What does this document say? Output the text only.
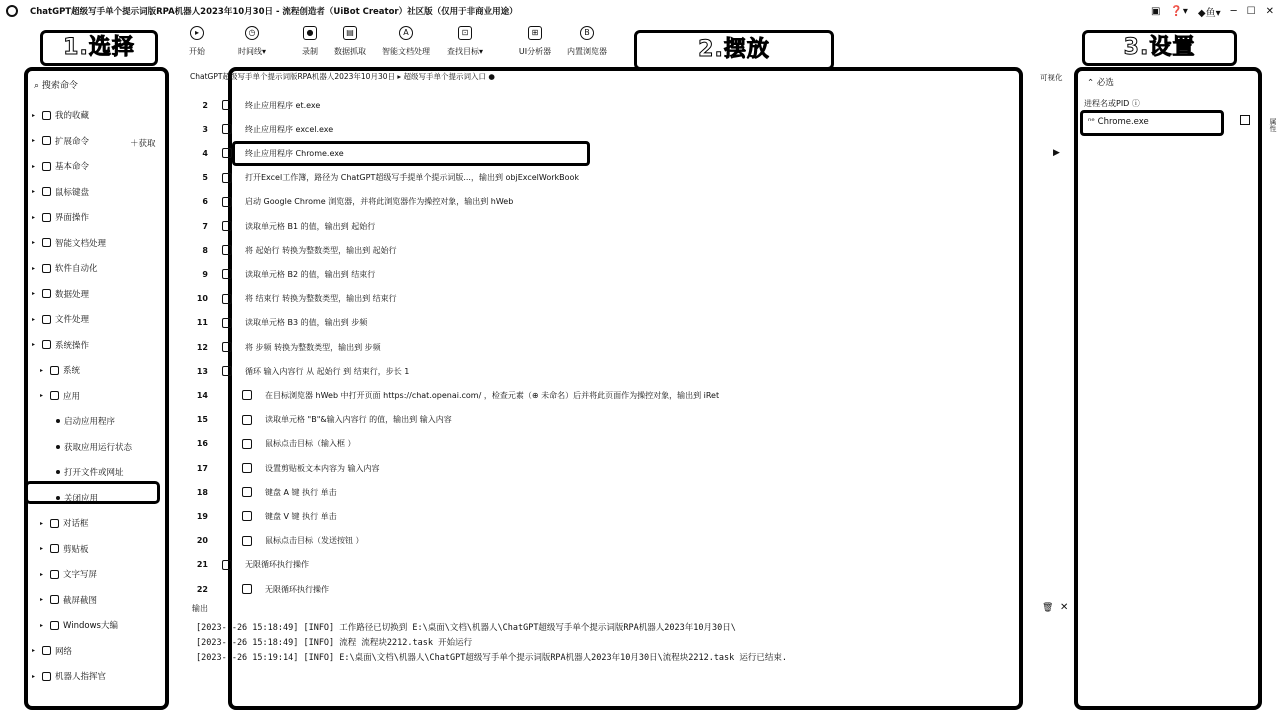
ChatGPT超级写手单个提示词版RPA机器人2023年10月30日 - 流程创造者（UiBot Creator）社区版（仅用于非商业用途）	▣ ❓▾ ◆鱼▾ ─ ☐ ✕
▸
开始
◷
时间线▾
●
录制
▤
数据抓取
A
智能文档处理
⊡
查找目标▾
⊞
UI分析器
B
内置浏览器
1.选择	2.摆放	3.设置
⌕ 搜索命令
＋ 获取
▸	我的收藏
▸	扩展命令
▸	基本命令
▸	鼠标键盘
▸	界面操作
▸	智能文档处理
▸	软件自动化
▸	数据处理
▸	文件处理
▸	系统操作
▸	系统
▸	应用
启动应用程序
获取应用运行状态
打开文件或网址
关闭应用
▸	对话框
▸	剪贴板
▸	文字写屏
▸	截屏截图
▸	Windows大编
▸	网络
▸	机器人指挥官
ChatGPT超级写手单个提示词版RPA机器人2023年10月30日 ▸ 超级写手单个提示词入口 ●	可视化
2	终止应用程序 et.exe
3	终止应用程序 excel.exe
4	终止应用程序 Chrome.exe
5	打开Excel工作簿，路径为 ChatGPT超级写手提单个提示词版...，输出到 objExcelWorkBook
6	启动 Google Chrome 浏览器，并将此浏览器作为操控对象，输出到 hWeb
7	读取单元格 B1 的值，输出到 起始行
8	将 起始行 转换为整数类型，输出到 起始行
9	读取单元格 B2 的值，输出到 结束行
10	将 结束行 转换为整数类型，输出到 结束行
11	读取单元格 B3 的值，输出到 步频
12	将 步频 转换为整数类型，输出到 步频
13	循环 输入内容行 从 起始行 到 结束行，步长 1
14	在目标浏览器 hWeb 中打开页面 https://chat.openai.com/ ，检查元素（⊕ 未命名）后并将此页面作为操控对象，输出到 iRet
15	读取单元格 "B"&输入内容行 的值，输出到 输入内容
16	鼠标点击目标（输入框 ）
17	设置剪贴板文本内容为 输入内容
18	键盘 A 键 执行 单击
19	键盘 V 键 执行 单击
20	鼠标点击目标（发送按钮 ）
21	无限循环执行操作
22	无限循环执行操作
▶
输出	🗑 ✕
[2023- -26 15:18:49] [INFO] 工作路径已切换到 E:\桌面\文档\机器人\ChatGPT超级写手单个提示词版RPA机器人2023年10月30日\
[2023- -26 15:18:49] [INFO] 流程 流程块2212.task 开始运行
[2023- -26 15:19:14] [INFO] E:\桌面\文档\机器人\ChatGPT超级写手单个提示词版RPA机器人2023年10月30日\流程块2212.task 运行已结束.
⌃ 必选
进程名或PID ⓘ
ⁿᵉ Chrome.exe	属性
